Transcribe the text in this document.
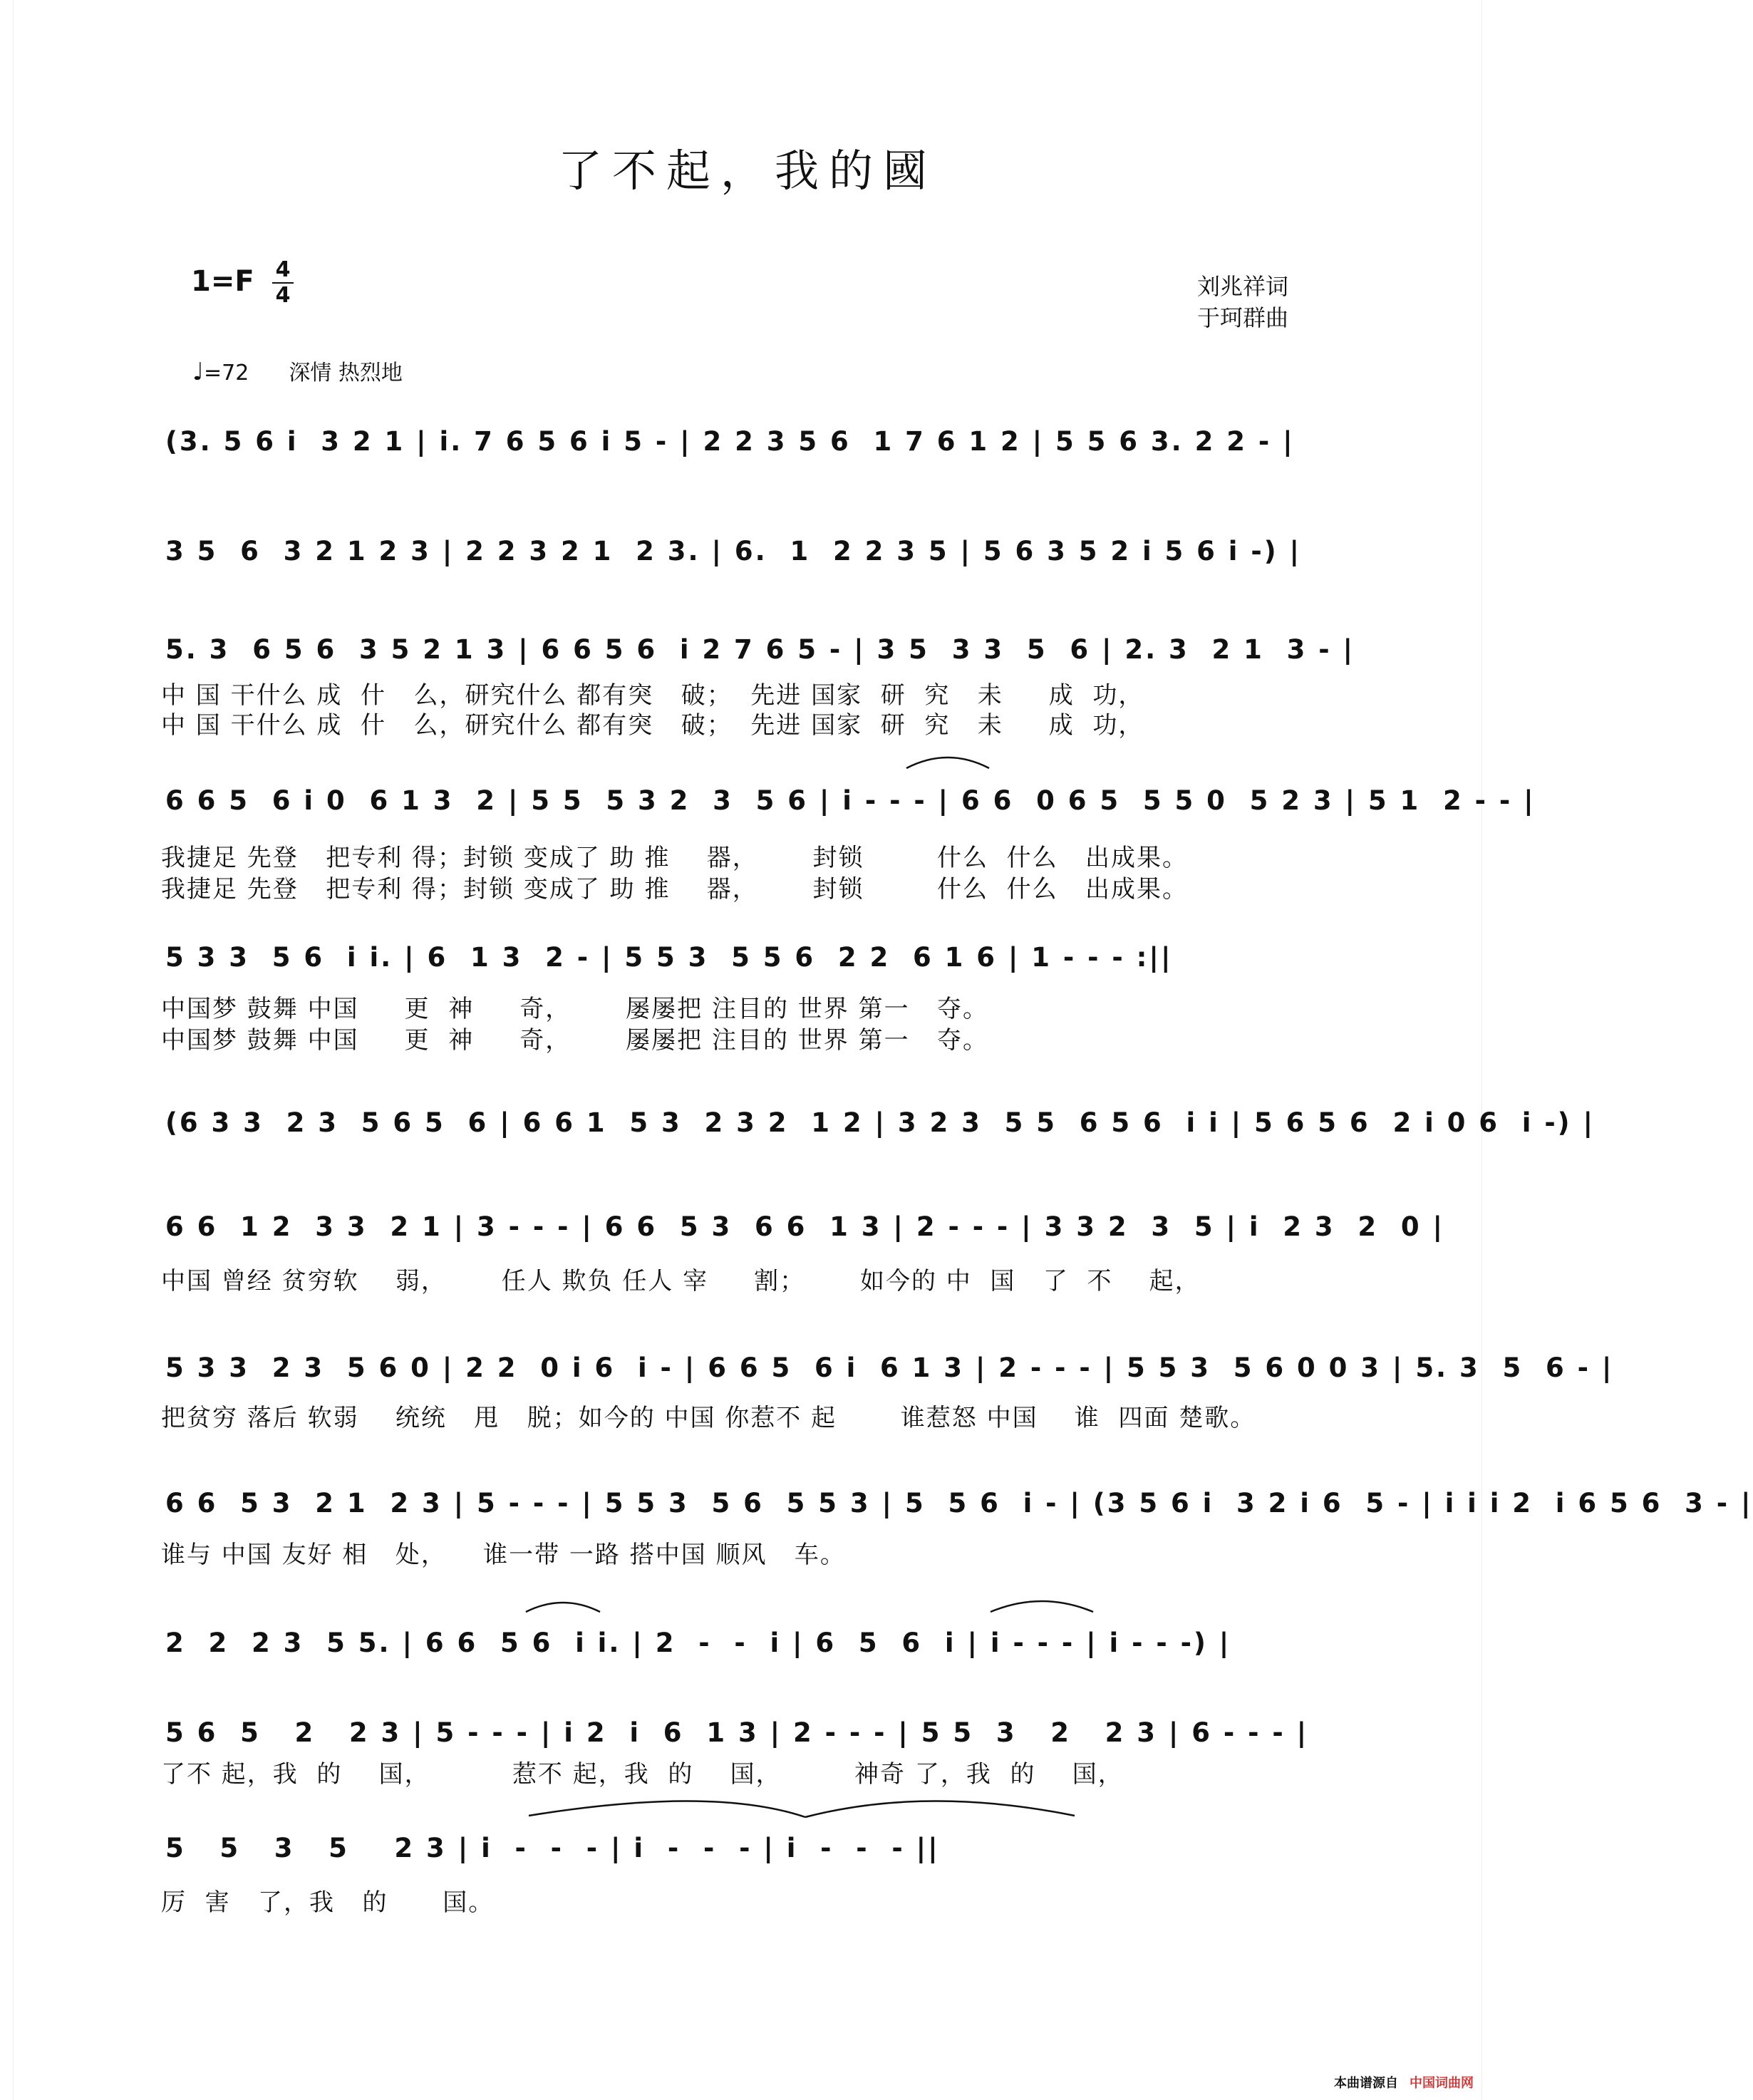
了不起，我的國
1=F 4
4	刘兆祥词
于珂群曲
♩=72 深情 热烈地
(3. 5 6 i  3 2 1 | i. 7 6 5 6 i 5 - | 2 2 3 5 6  1 7 6 1 2 | 5 5 6 3. 2 2 - |
3 5  6  3 2 1 2 3 | 2 2 3 2 1  2 3. | 6.  1  2 2 3 5 | 5 6 3 5 2 i 5 6 i -) |
5. 3  6 5 6  3 5 2 1 3 | 6 6 5 6  i 2 7 6 5 - | 3 5  3 3  5  6 | 2. 3  2 1  3 - |
中 国 干什么 成  什   么，研究什么 都有突   破；  先进 国家  研  究   未     成  功，
中 国 干什么 成  什   么，研究什么 都有突   破；  先进 国家  研  究   未     成  功，
6 6 5  6 i 0  6 1 3  2 | 5 5  5 3 2  3  5 6 | i - - - | 6 6  0 6 5  5 5 0  5 2 3 | 5 1  2 - - |
我捷足 先登   把专利 得；封锁 变成了 助 推    器，      封锁        什么  什么   出成果。
我捷足 先登   把专利 得；封锁 变成了 助 推    器，      封锁        什么  什么   出成果。
5 3 3  5 6  i i. | 6  1 3  2 - | 5 5 3  5 5 6  2 2  6 1 6 | 1 - - - :||
中国梦 鼓舞 中国     更  神     奇，      屡屡把 注目的 世界 第一   夺。
中国梦 鼓舞 中国     更  神     奇，      屡屡把 注目的 世界 第一   夺。
(6 3 3  2 3  5 6 5  6 | 6 6 1  5 3  2 3 2  1 2 | 3 2 3  5 5  6 5 6  i i | 5 6 5 6  2 i 0 6  i -) |
6 6  1 2  3 3  2 1 | 3 - - - | 6 6  5 3  6 6  1 3 | 2 - - - | 3 3 2  3  5 | i  2 3  2  0 |
中国 曾经 贫穷软    弱，      任人 欺负 任人 宰     割；      如今的 中  国   了  不    起，
5 3 3  2 3  5 6 0 | 2 2  0 i 6  i - | 6 6 5  6 i  6 1 3 | 2 - - - | 5 5 3  5 6 0 0 3 | 5. 3  5  6 - |
把贫穷 落后 软弱    统统   甩   脱；如今的 中国 你惹不 起       谁惹怒 中国    谁  四面 楚歌。
6 6  5 3  2 1  2 3 | 5 - - - | 5 5 3  5 6  5 5 3 | 5  5 6  i - | (3 5 6 i  3 2 i 6  5 - | i i i 2  i 6 5 6  3 - |
谁与 中国 友好 相   处，    谁一带 一路 搭中国 顺风   车。
2  2  2 3  5 5. | 6 6  5 6  i i. | 2  -  -  i | 6  5  6  i | i - - - | i - - -) |
5 6  5   2   2 3 | 5 - - - | i 2  i  6  1 3 | 2 - - - | 5 5  3   2   2 3 | 6 - - - |
了不 起，我  的    国，         惹不 起，我  的    国，        神奇 了，我  的    国，
5   5   3   5    2 3 | i  -  -  - | i  -  -  - | i  -  -  - ||
厉  害   了，我   的      国。
本曲谱源自 中国词曲网
